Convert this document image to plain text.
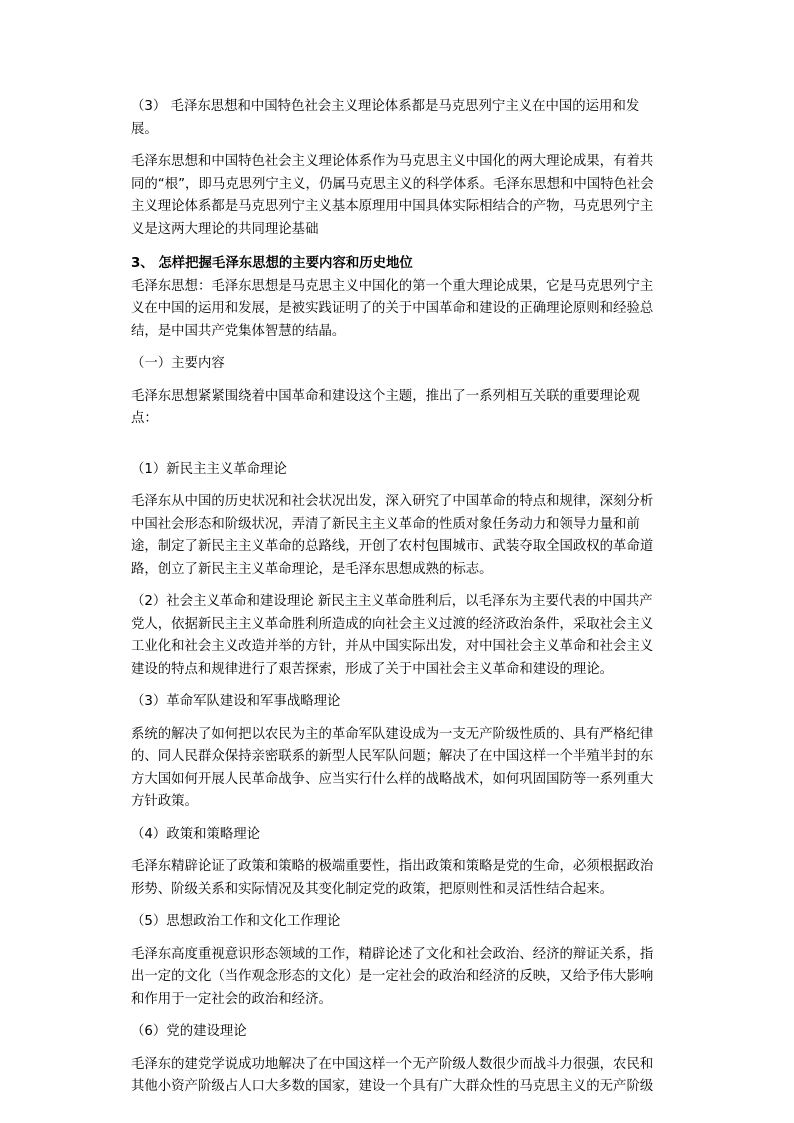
（3） 毛泽东思想和中国特色社会主义理论体系都是马克思列宁主义在中国的运用和发展。

毛泽东思想和中国特色社会主义理论体系作为马克思主义中国化的两大理论成果，有着共同的“根”，即马克思列宁主义，仍属马克思主义的科学体系。毛泽东思想和中国特色社会主义理论体系都是马克思列宁主义基本原理用中国具体实际相结合的产物，马克思列宁主义是这两大理论的共同理论基础

3、 怎样把握毛泽东思想的主要内容和历史地位

毛泽东思想：毛泽东思想是马克思主义中国化的第一个重大理论成果，它是马克思列宁主义在中国的运用和发展，是被实践证明了的关于中国革命和建设的正确理论原则和经验总结，是中国共产党集体智慧的结晶。

（一）主要内容

毛泽东思想紧紧围绕着中国革命和建设这个主题，推出了一系列相互关联的重要理论观点：

（1）新民主主义革命理论

毛泽东从中国的历史状况和社会状况出发，深入研究了中国革命的特点和规律，深刻分析中国社会形态和阶级状况，弄清了新民主主义革命的性质对象任务动力和领导力量和前途，制定了新民主主义革命的总路线，开创了农村包围城市、武装夺取全国政权的革命道路，创立了新民主主义革命理论，是毛泽东思想成熟的标志。

（2）社会主义革命和建设理论 新民主主义革命胜利后，以毛泽东为主要代表的中国共产党人，依据新民主主义革命胜利所造成的向社会主义过渡的经济政治条件，采取社会主义工业化和社会主义改造并举的方针，并从中国实际出发，对中国社会主义革命和社会主义建设的特点和规律进行了艰苦探索，形成了关于中国社会主义革命和建设的理论。

（3）革命军队建设和军事战略理论

系统的解决了如何把以农民为主的革命军队建设成为一支无产阶级性质的、具有严格纪律的、同人民群众保持亲密联系的新型人民军队问题；解决了在中国这样一个半殖半封的东方大国如何开展人民革命战争、应当实行什么样的战略战术，如何巩固国防等一系列重大方针政策。

（4）政策和策略理论

毛泽东精辟论证了政策和策略的极端重要性，指出政策和策略是党的生命，必须根据政治形势、阶级关系和实际情况及其变化制定党的政策，把原则性和灵活性结合起来。

（5）思想政治工作和文化工作理论

毛泽东高度重视意识形态领域的工作，精辟论述了文化和社会政治、经济的辩证关系，指出一定的文化（当作观念形态的文化）是一定社会的政治和经济的反映，又给予伟大影响和作用于一定社会的政治和经济。

（6）党的建设理论

毛泽东的建党学说成功地解决了在中国这样一个无产阶级人数很少而战斗力很强，农民和其他小资产阶级占人口大多数的国家，建设一个具有广大群众性的马克思主义的无产阶级
